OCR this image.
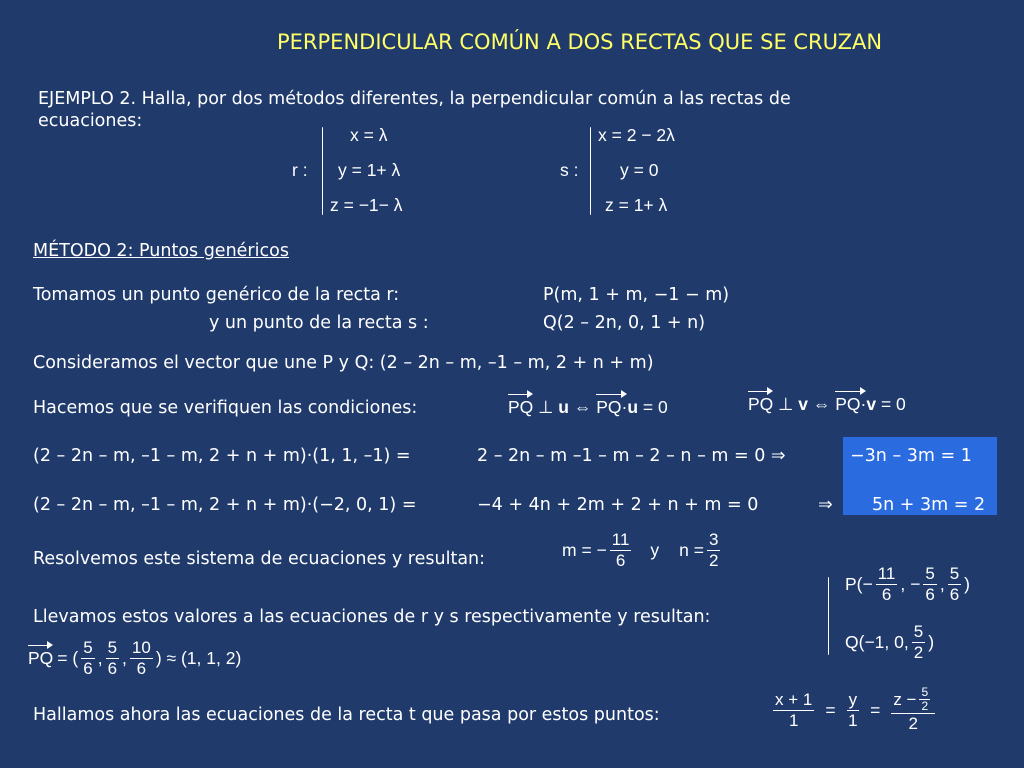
PERPENDICULAR COMÚN A DOS RECTAS QUE SE CRUZAN
EJEMPLO 2. Halla, por dos métodos diferentes, la perpendicular común a las rectas de
ecuaciones:
r :
x = λ
y = 1+ λ
z = −1− λ
s :
x = 2 − 2λ
y = 0
z = 1+ λ
MÉTODO 2: Puntos genéricos
Tomamos un punto genérico de la recta r:	P(m, 1 + m, −1 − m)
y un punto de la recta s :	Q(2 – 2n, 0, 1 + n)
Consideramos el vector que une P y Q: (2 – 2n – m, –1 – m, 2 + n + m)
Hacemos que se verifiquen las condiciones:	PQ ⊥ u ⇔ PQ·u = 0	PQ ⊥ v ⇔ PQ·v = 0
(2 – 2n – m, –1 – m, 2 + n + m)·(1, 1, –1) =	2 – 2n – m –1 – m – 2 – n – m = 0 ⇒	−3n – 3m = 1
(2 – 2n – m, –1 – m, 2 + n + m)·(−2, 0, 1) =	−4 + 4n + 2m + 2 + n + m = 0	⇒ 5n + 3m = 2
Resolvemos este sistema de ecuaciones y resultan:	m = − $\frac{11}{6}$ y $n = \frac{3}{2}$
Llevamos estos valores a las ecuaciones de r y s respectivamente y resultan:
$P(- \frac{11}{6}$ , − $\frac{5}{6}$ , $\frac{5}{6}$ )
Q(−1, 0, $\frac{5}{2}$ )
PQ = ( $\frac{5}{6}$ , $\frac{5}{6}$ , $\frac{10}{6}$ ) ≈ (1, 1, 2)
Hallamos ahora las ecuaciones de la recta t que pasa por estos puntos:	$\frac{x + 1}{1} = \frac{y}{1} = \frac{z - \frac{5}{2}}{2}$
